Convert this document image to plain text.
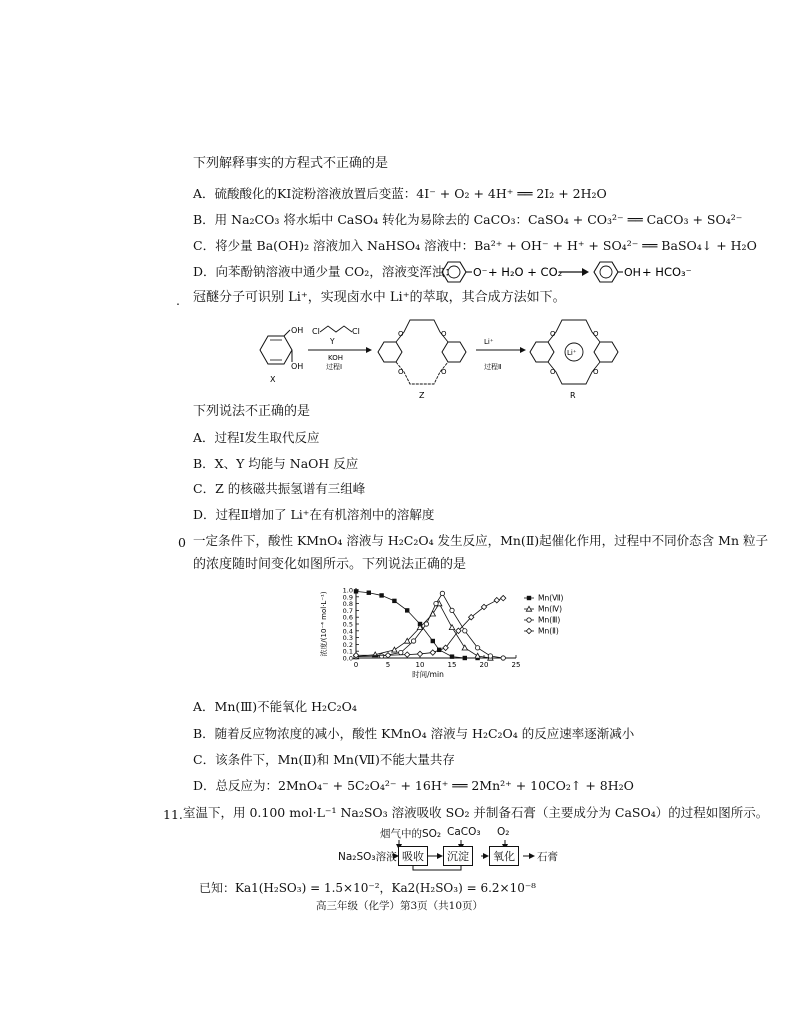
下列解释事实的方程式不正确的是
A．硫酸酸化的KI淀粉溶液放置后变蓝：4I⁻ + O₂ + 4H⁺ ══ 2I₂ + 2H₂O
B．用 Na₂CO₃ 将水垢中 CaSO₄ 转化为易除去的 CaCO₃：CaSO₄ + CO₃²⁻ ══ CaCO₃ + SO₄²⁻
C．将少量 Ba(OH)₂ 溶液加入 NaHSO₄ 溶液中：Ba²⁺ + OH⁻ + H⁺ + SO₄²⁻ ══ BaSO₄↓ + H₂O
D．向苯酚钠溶液中通少量 CO₂，溶液变浑浊： O⁻ + H₂O + CO₂	OH + HCO₃⁻
. 冠醚分子可识别 Li⁺，实现卤水中 Li⁺的萃取，其合成方法如下。
OH
OH
X
Cl	Cl
Y
KOH
过程Ⅰ
O	O
O	O
Z
Li⁺
过程Ⅱ
Li⁺
O	O
O	O
R
下列说法不正确的是
A．过程Ⅰ发生取代反应
B．X、Y 均能与 NaOH 反应
C．Z 的核磁共振氢谱有三组峰
D．过程Ⅱ增加了 Li⁺在有机溶剂中的溶解度
0 一定条件下，酸性 KMnO₄ 溶液与 H₂C₂O₄ 发生反应，Mn(Ⅱ)起催化作用，过程中不同价态含 Mn 粒子
的浓度随时间变化如图所示。下列说法正确的是
0.0
0.1
0.2
0.3
0.4
0.5
0.6
0.7
0.8
0.9
1.0
0	5	10	15	20	25
时间/min
浓度/(10⁻⁴ mol·L⁻¹)	Mn(Ⅶ)
Mn(Ⅳ)
Mn(Ⅲ)
Mn(Ⅱ)
A．Mn(Ⅲ)不能氧化 H₂C₂O₄
B．随着反应物浓度的减小，酸性 KMnO₄ 溶液与 H₂C₂O₄ 的反应速率逐渐减小
C．该条件下，Mn(Ⅱ)和 Mn(Ⅶ)不能大量共存
D．总反应为：2MnO₄⁻ + 5C₂O₄²⁻ + 16H⁺ ══ 2Mn²⁺ + 10CO₂↑ + 8H₂O
11. 室温下，用 0.100 mol·L⁻¹ Na₂SO₃ 溶液吸收 SO₂ 并制备石膏（主要成分为 CaSO₄）的过程如图所示。
烟气中的SO₂ CaCO₃ O₂
Na₂SO₃溶液 吸收	沉淀	氧化	石膏
已知：Ka1(H₂SO₃) = 1.5×10⁻²，Ka2(H₂SO₃) = 6.2×10⁻⁸
高三年级（化学）第3页（共10页）
